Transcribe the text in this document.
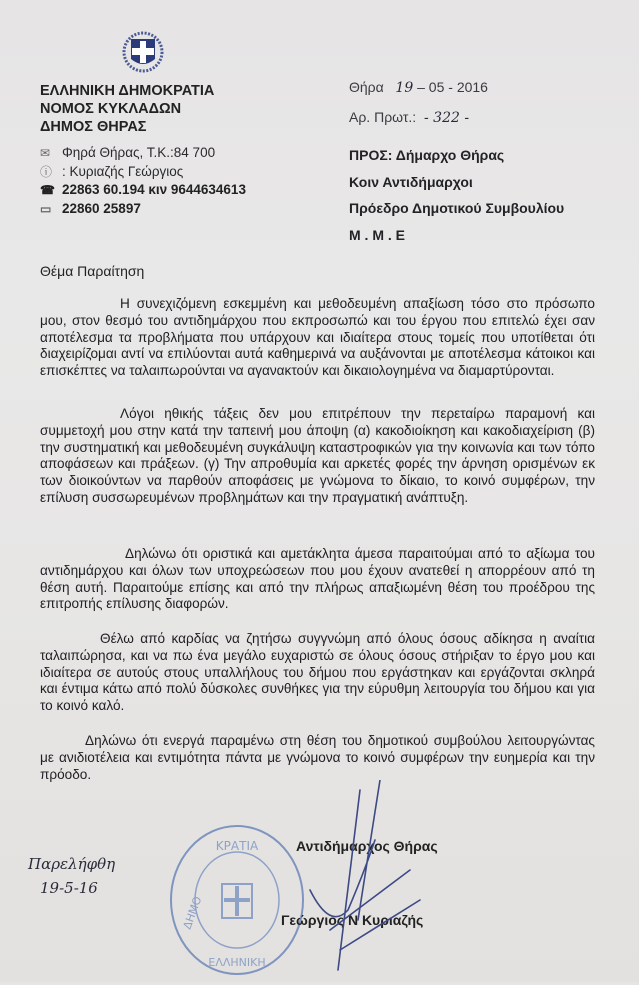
ΕΛΛΗΝΙΚΗ ΔΗΜΟΚΡΑΤΙΑ
ΝΟΜΟΣ ΚΥΚΛΑΔΩΝ
ΔΗΜΟΣ ΘΗΡΑΣ
✉ Φηρά Θήρας, Τ.Κ.:84 700
ⓘ : Κυριαζής Γεώργιος
☎ 22863 60.194 κιν 9644634613
▭ 22860 25897
Θήρα 19 – 05 - 2016
Αρ. Πρωτ.: - 322 -
ΠΡΟΣ: Δήμαρχο Θήρας
Κοιν Αντιδήμαρχοι
Πρόεδρο Δημοτικού Συμβουλίου
Μ . Μ . Ε
Θέμα Παραίτηση

Η συνεχιζόμενη εσκεμμένη και μεθοδευμένη απαξίωση τόσο στο πρόσωπο μου, στον θεσμό του αντιδημάρχου που εκπροσωπώ και του έργου που επιτελώ έχει σαν αποτέλεσμα τα προβλήματα που υπάρχουν και ιδιαίτερα στους τομείς που υποτίθεται ότι διαχειρίζομαι αντί να επιλύονται αυτά καθημερινά να αυξάνονται με αποτέλεσμα κάτοικοι και επισκέπτες να ταλαιπωρούνται να αγανακτούν και δικαιολογημένα να διαμαρτύρονται.

Λόγοι ηθικής τάξεις δεν μου επιτρέπουν την περεταίρω παραμονή και συμμετοχή μου στην κατά την ταπεινή μου άποψη (α) κακοδιοίκηση και κακοδιαχείριση (β) την συστηματική και μεθοδευμένη συγκάλυψη καταστροφικών για την κοινωνία και των τόπο αποφάσεων και πράξεων. (γ) Την απροθυμία και αρκετές φορές την άρνηση ορισμένων εκ των διοικούντων να παρθούν αποφάσεις με γνώμονα το δίκαιο, το κοινό συμφέρων, την επίλυση συσσωρευμένων προβλημάτων και την πραγματική ανάπτυξη.

Δηλώνω ότι οριστικά και αμετάκλητα άμεσα παραιτούμαι από το αξίωμα του αντιδημάρχου και όλων των υποχρεώσεων που μου έχουν ανατεθεί η απορρέουν από τη θέση αυτή. Παραιτούμε επίσης και από την πλήρως απαξιωμένη θέση του προέδρου της επιτροπής επίλυσης διαφορών.

Θέλω από καρδίας να ζητήσω συγγνώμη από όλους όσους αδίκησα η αναίτια ταλαιπώρησα, και να πω ένα μεγάλο ευχαριστώ σε όλους όσους στήριξαν το έργο μου και ιδιαίτερα σε αυτούς στους υπαλλήλους του δήμου που εργάστηκαν και εργάζονται σκληρά και έντιμα κάτω από πολύ δύσκολες συνθήκες για την εύρυθμη λειτουργία του δήμου και για το κοινό καλό.

Δηλώνω ότι ενεργά παραμένω στη θέση του δημοτικού συμβούλου λειτουργώντας με ανιδιοτέλεια και εντιμότητα πάντα με γνώμονα το κοινό συμφέρων την ευημερία και την πρόοδο.

Παρελήφθη
19-5-16
ΚΡΑΤΙΑ
ΔΗΜΟ
ΕΛΛΗΝΙΚΗ
Αντιδήμαρχος Θήρας
Γεώργιος Ν Κυριαζής
